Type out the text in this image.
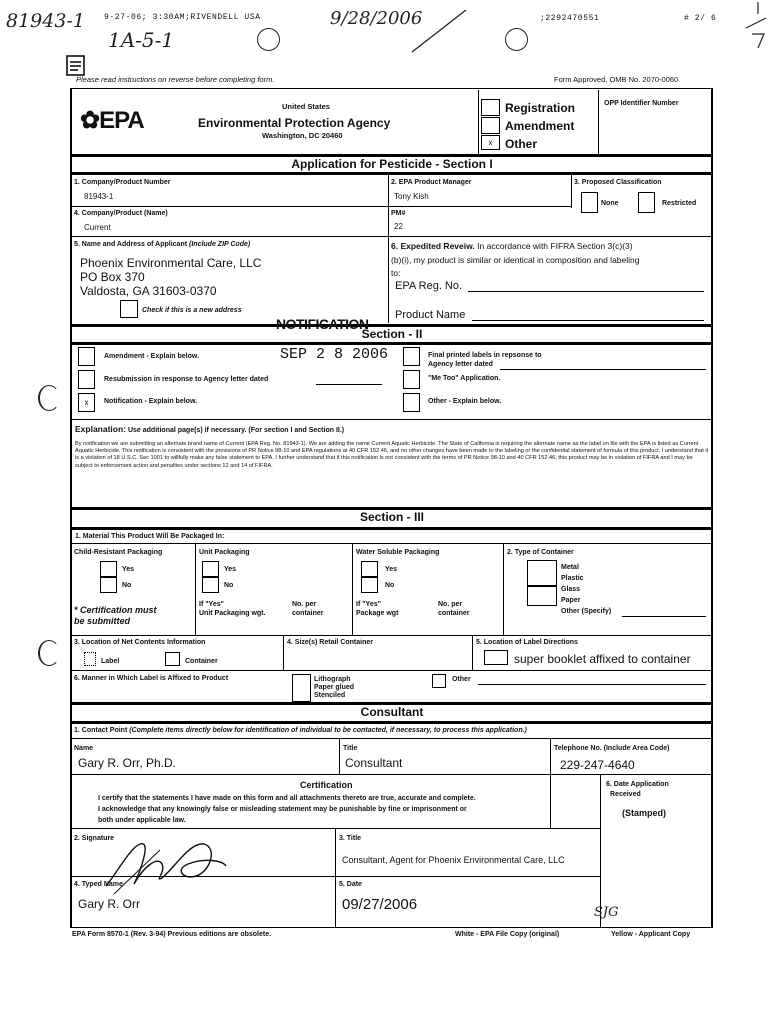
81943-1 9-27-06; 3:30AM;RIVENDELL USA
1A-5-1
9/28/2006	;2292470551	# 2/ 6
Please read instructions on reverse before completing form.	Form Approved. OMB No. 2070-0060
✿EPA
United States
Environmental Protection Agency
Washington, DC 20460
x
Registration
Amendment
Other
OPP Identifier Number
Application for Pesticide - Section I
1. Company/Product Number
81943-1
2. EPA Product Manager
Tony Kish
3. Proposed Classification
None	Restricted
4. Company/Product (Name)
Current
PM#
22
5. Name and Address of Applicant (Include ZIP Code)
Phoenix Environmental Care, LLC
PO Box 370
Valdosta, GA 31603-0370
Check if this is a new address
6. Expedited Reveiw. In accordance with FIFRA Section 3(c)(3)
(b)(i), my product is similar or identical in composition and labeling
to:
EPA Reg. No.
Product Name
Section - II
NOTIFICATION
Amendment - Explain below.	SEP 2 8 2006
Resubmission in response to Agency letter dated
x	Notification - Explain below.
Final printed labels in repsonse to
Agency letter dated
"Me Too" Application.
Other - Explain below.
Explanation: Use additional page(s) if necessary. (For section I and Section II.)
By notification we are submitting an alternate brand name of Current (EPA Reg. No. 81943-1). We are adding the name Current Aquatic Herbicide. The State of California is requiring the alternate name as the label on file with the EPA is listed as Current Aquatic Herbicide. This notification is consistent with the provisions of PR Notice 98-10 and EPA regulations at 40 CFR 152.46, and no other changes have been made to the labeling or the confidential statement of formula of this product. I understand that it is a violation of 18 U.S.C. Sec 1001 to willfully make any false statement to EPA. I further understand that if this notification is not consistent with the terms of PR Notice 98-10 and 40 CFR 152.46, this product may be in violation of FIFRA and I may be subject to enforcement action and penalties under sections 12 and 14 of FIFRA.
Section - III
1. Material This Product Will Be Packaged In:
Child-Resistant Packaging
Yes
No
* Certification must
be submitted
Unit Packaging
Yes
No
If "Yes"
Unit Packaging wgt.
No. per
container
Water Soluble Packaging
Yes
No
If "Yes"
Package wgt
No. per
container
2. Type of Container
Metal
Plastic
Glass
Paper
Other (Specify)
3. Location of Net Contents Information
Label	Container
4. Size(s) Retail Container	5. Location of Label Directions
super booklet affixed to container
6. Manner in Which Label is Affixed to Product	Lithograph
Paper glued
Stenciled
Other
Consultant
1. Contact Point (Complete items directly below for identification of individual to be contacted, if necessary, to process this application.)
Name
Gary R. Orr, Ph.D.
Title
Consultant
Telephone No. (Include Area Code)
229-247-4640
Certification
I certify that the statements I have made on this form and all attachments thereto are true, accurate and complete.
I acknowledge that any knowingly false or misleading statement may be punishable by fine or imprisonment or
both under applicable law.
6. Date Application
Received
(Stamped)
2. Signature	3. Title
Consultant, Agent for Phoenix Environmental Care, LLC
4. Typed Name
Gary R. Orr
5. Date
09/27/2006	SJG
EPA Form 8570-1 (Rev. 3-94) Previous editions are obsolete.	White - EPA File Copy (original)	Yellow - Applicant Copy
